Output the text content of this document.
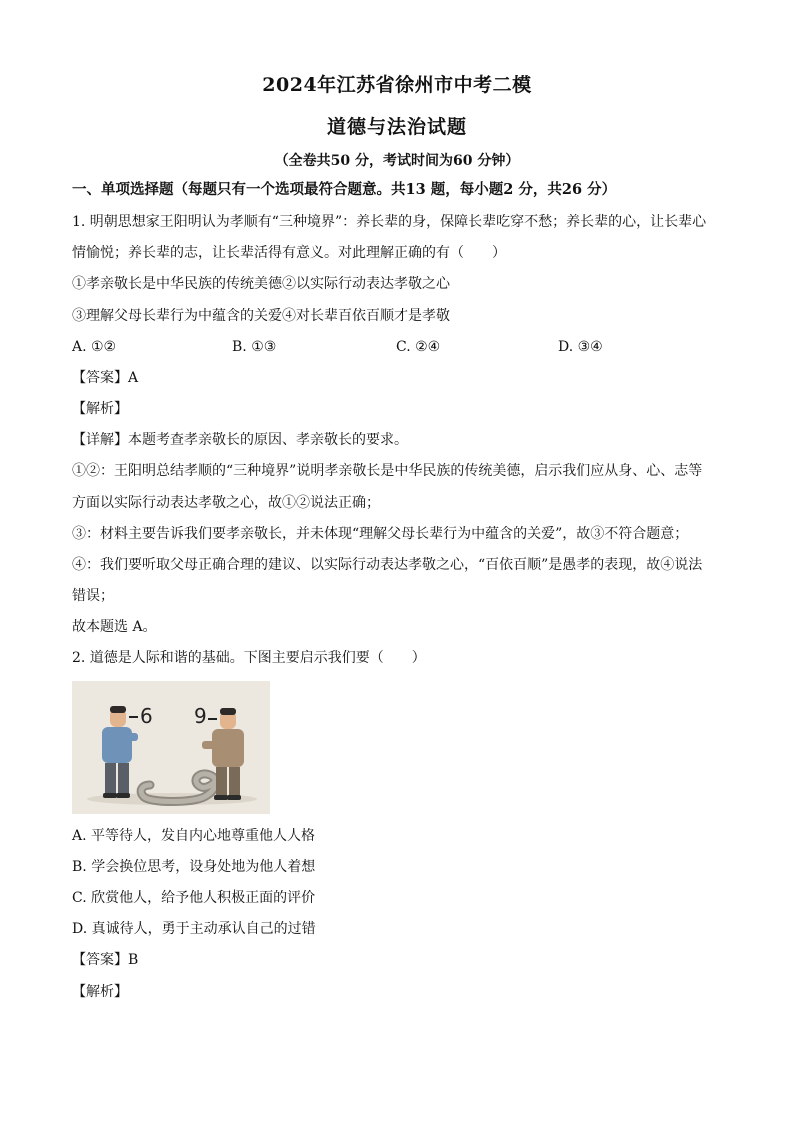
2024年江苏省徐州市中考二模
道德与法治试题
（全卷共50 分，考试时间为60 分钟）
一、单项选择题（每题只有一个选项最符合题意。共13 题，每小题2 分，共26 分）
1. 明朝思想家王阳明认为孝顺有“三种境界”：养长辈的身，保障长辈吃穿不愁；养长辈的心，让长辈心
情愉悦；养长辈的志，让长辈活得有意义。对此理解正确的有（　　）
①孝亲敬长是中华民族的传统美德②以实际行动表达孝敬之心
③理解父母长辈行为中蕴含的关爱④对长辈百依百顺才是孝敬
A. ①②	B. ①③	C. ②④	D. ③④
【答案】A
【解析】
【详解】本题考查孝亲敬长的原因、孝亲敬长的要求。
①②：王阳明总结孝顺的“三种境界”说明孝亲敬长是中华民族的传统美德，启示我们应从身、心、志等
方面以实际行动表达孝敬之心，故①②说法正确；
③：材料主要告诉我们要孝亲敬长，并未体现“理解父母长辈行为中蕴含的关爱”，故③不符合题意；
④：我们要听取父母正确合理的建议、以实际行动表达孝敬之心，“百依百顺”是愚孝的表现，故④说法
错误；
故本题选 A。
2. 道德是人际和谐的基础。下图主要启示我们要（　　）
6 9
A. 平等待人，发自内心地尊重他人人格
B. 学会换位思考，设身处地为他人着想
C. 欣赏他人，给予他人积极正面的评价
D. 真诚待人，勇于主动承认自己的过错
【答案】B
【解析】
